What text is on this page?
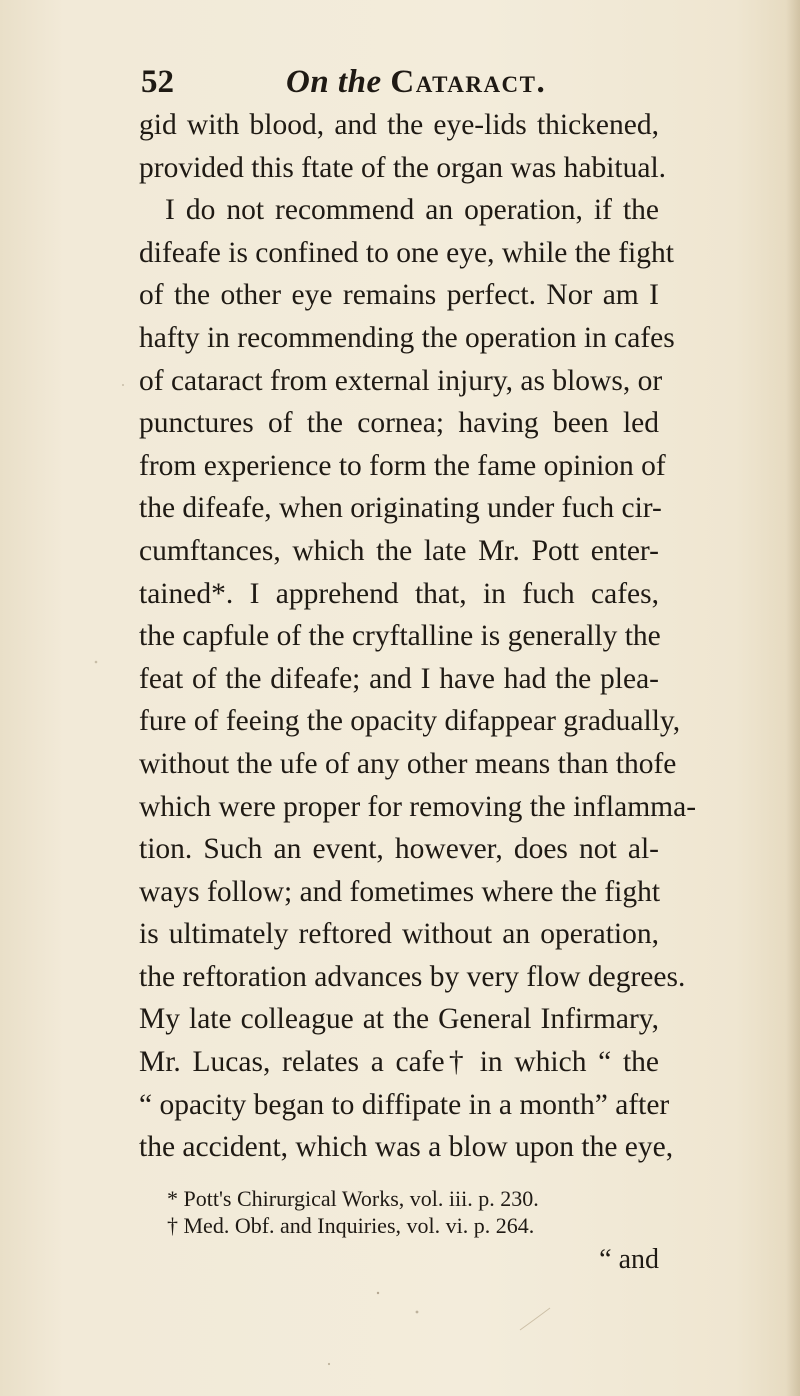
52	On the Cataract.
gid with blood, and the eye-lids thickened,
provided this ftate of the organ was habitual.
I do not recommend an operation, if the
difeafe is confined to one eye, while the fight
of the other eye remains perfect. Nor am I
hafty in recommending the operation in cafes
of cataract from external injury, as blows, or
punctures of the cornea; having been led
from experience to form the fame opinion of
the difeafe, when originating under fuch cir-
cumftances, which the late Mr. Pott enter-
tained*. I apprehend that, in fuch cafes,
the capfule of the cryftalline is generally the
feat of the difeafe; and I have had the plea-
fure of feeing the opacity difappear gradually,
without the ufe of any other means than thofe
which were proper for removing the inflamma-
tion. Such an event, however, does not al-
ways follow; and fometimes where the fight
is ultimately reftored without an operation,
the reftoration advances by very flow degrees.
My late colleague at the General Infirmary,
Mr. Lucas, relates a cafe† in which “ the
“ opacity began to diffipate in a month” after
the accident, which was a blow upon the eye,
* Pott's Chirurgical Works, vol. iii. p. 230.
† Med. Obf. and Inquiries, vol. vi. p. 264.
“ and
